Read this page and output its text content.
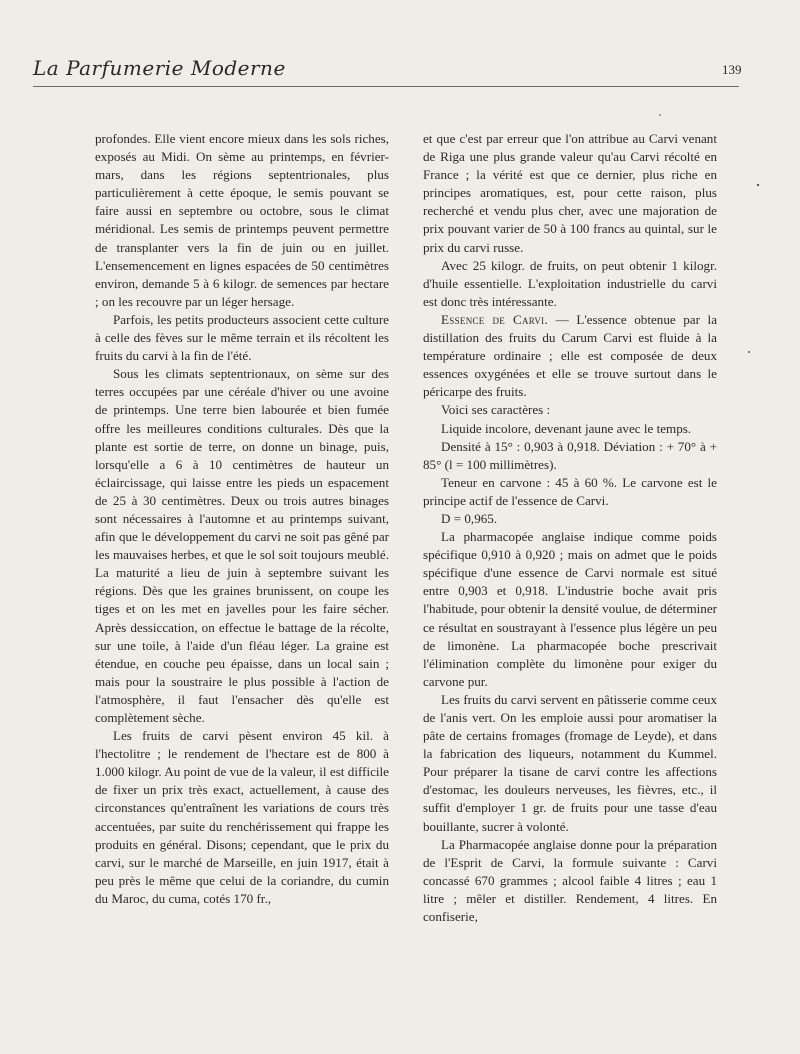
La Parfumerie Moderne	139

profondes. Elle vient encore mieux dans les sols riches, exposés au Midi. On sème au printemps, en février-mars, dans les régions septentrionales, plus particulièrement à cette époque, le semis pouvant se faire aussi en septembre ou octobre, sous le climat méridional. Les semis de printemps peuvent permettre de transplanter vers la fin de juin ou en juillet. L'ensemencement en lignes espacées de 50 centimètres environ, demande 5 à 6 kilogr. de semences par hectare ; on les recouvre par un léger hersage.

Parfois, les petits producteurs associent cette culture à celle des fèves sur le même terrain et ils récoltent les fruits du carvi à la fin de l'été.

Sous les climats septentrionaux, on sème sur des terres occupées par une céréale d'hiver ou une avoine de printemps. Une terre bien labourée et bien fumée offre les meilleures conditions culturales. Dès que la plante est sortie de terre, on donne un binage, puis, lorsqu'elle a 6 à 10 centimètres de hauteur un éclaircissage, qui laisse entre les pieds un espacement de 25 à 30 centimètres. Deux ou trois autres binages sont nécessaires à l'automne et au printemps suivant, afin que le développement du carvi ne soit pas gêné par les mauvaises herbes, et que le sol soit toujours meublé. La maturité a lieu de juin à septembre suivant les régions. Dès que les graines brunissent, on coupe les tiges et on les met en javelles pour les faire sécher. Après dessiccation, on effectue le battage de la récolte, sur une toile, à l'aide d'un fléau léger. La graine est étendue, en couche peu épaisse, dans un local sain ; mais pour la soustraire le plus possible à l'action de l'atmosphère, il faut l'ensacher dès qu'elle est complètement sèche.

Les fruits de carvi pèsent environ 45 kil. à l'hectolitre ; le rendement de l'hectare est de 800 à 1.000 kilogr. Au point de vue de la valeur, il est difficile de fixer un prix très exact, actuellement, à cause des circonstances qu'entraînent les variations de cours très accentuées, par suite du renchérissement qui frappe les produits en général. Disons; cependant, que le prix du carvi, sur le marché de Marseille, en juin 1917, était à peu près le même que celui de la coriandre, du cumin du Maroc, du cuma, cotés 170 fr.,

et que c'est par erreur que l'on attribue au Carvi venant de Riga une plus grande valeur qu'au Carvi récolté en France ; la vérité est que ce dernier, plus riche en principes aromatiques, est, pour cette raison, plus recherché et vendu plus cher, avec une majoration de prix pouvant varier de 50 à 100 francs au quintal, sur le prix du carvi russe.

Avec 25 kilogr. de fruits, on peut obtenir 1 kilogr. d'huile essentielle. L'exploitation industrielle du carvi est donc très intéressante.

Essence de Carvi. — L'essence obtenue par la distillation des fruits du Carum Carvi est fluide à la température ordinaire ; elle est composée de deux essences oxygénées et elle se trouve surtout dans le péricarpe des fruits.

Voici ses caractères :

Liquide incolore, devenant jaune avec le temps.

Densité à 15° : 0,903 à 0,918. Déviation : + 70° à + 85° (l = 100 millimètres).

Teneur en carvone : 45 à 60 %. Le carvone est le principe actif de l'essence de Carvi.

D = 0,965.

La pharmacopée anglaise indique comme poids spécifique 0,910 à 0,920 ; mais on admet que le poids spécifique d'une essence de Carvi normale est situé entre 0,903 et 0,918. L'industrie boche avait pris l'habitude, pour obtenir la densité voulue, de déterminer ce résultat en soustrayant à l'essence plus légère un peu de limonène. La pharmacopée boche prescrivait l'élimination complète du limonène pour exiger du carvone pur.

Les fruits du carvi servent en pâtisserie comme ceux de l'anis vert. On les emploie aussi pour aromatiser la pâte de certains fromages (fromage de Leyde), et dans la fabrication des liqueurs, notamment du Kummel. Pour préparer la tisane de carvi contre les affections d'estomac, les douleurs nerveuses, les fièvres, etc., il suffit d'employer 1 gr. de fruits pour une tasse d'eau bouillante, sucrer à volonté.

La Pharmacopée anglaise donne pour la préparation de l'Esprit de Carvi, la formule suivante : Carvi concassé 670 grammes ; alcool faible 4 litres ; eau 1 litre ; mêler et distiller. Rendement, 4 litres. En confiserie,
